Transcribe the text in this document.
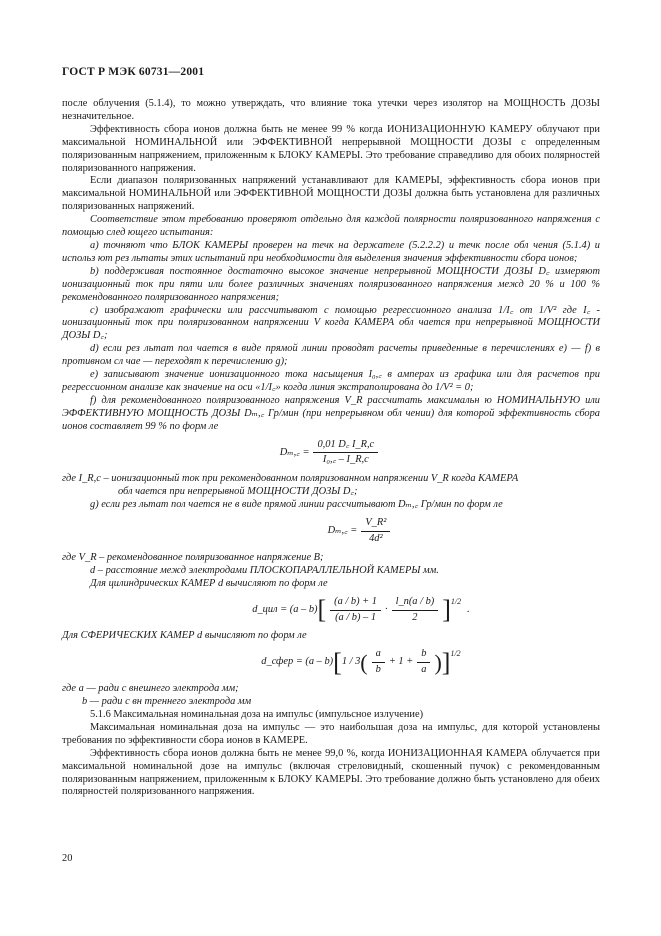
ГОСТ Р МЭК 60731—2001

после облучения (5.1.4), то можно утверждать, что влияние тока утечки через изолятор на МОЩНОСТЬ ДОЗЫ незначительное.

Эффективность сбора ионов должна быть не менее 99 % когда ИОНИЗАЦИОННУЮ КАМЕРУ облучают при максимальной НОМИНАЛЬНОЙ или ЭФФЕКТИВНОЙ непрерывной МОЩНОСТИ ДОЗЫ с определенным поляризованным напряжением, приложенным к БЛОКУ КАМЕРЫ. Это требование справедливо для обоих полярностей поляризованного напряжения.

Если диапазон поляризованных напряжений устанавливают для КАМЕРЫ, эффективность сбора ионов при максимальной НОМИНАЛЬНОЙ или ЭФФЕКТИВНОЙ МОЩНОСТИ ДОЗЫ должна быть установлена для различных поляризованных напряжений.

Соответствие этом требованию проверяют отдельно для каждой полярности поляризованного напряжения с помощью след ющего испытания:

а) точняют что БЛОК КАМЕРЫ проверен на течк на держателе (5.2.2.2) и течк после обл чения (5.1.4) и использ ют рез льтаты этих испытаний при необходимости для выделения значения эффективности сбора ионов;

b) поддерживая постоянное достаточно высокое значение непрерывной МОЩНОСТИ ДОЗЫ D꜀ измеряют ионизационный ток при пяти или более различных значениях поляризованного напряжения межд 20 % и 100 % рекомендованного поляризованного напряжения;

с) изображают графически или рассчитывают с помощью регрессионного анализа 1/I꜀ от 1/V² где I꜀ - ионизационный ток при поляризованном напряжении V когда КАМЕРА обл чается при непрерывной МОЩНОСТИ ДОЗЫ D꜀;

d) если рез льтат пол чается в виде прямой линии проводят расчеты приведенные в перечислениях е) — f) в противном сл чае — переходят к перечислению g);

е) записывают значение ионизационного тока насыщения I₀,꜀ в амперах из графика или для расчетов при регрессионном анализе как значение на оси «1/I꜀» когда линия экстраполирована до 1/V² = 0;

f) для рекомендованного поляризованного напряжения V_R рассчитать максимальн ю НОМИНАЛЬНУЮ или ЭФФЕКТИВНУЮ МОЩНОСТЬ ДОЗЫ Dₘ,꜀ Гр/мин (при непрерывном обл чении) для которой эффективность сбора ионов составляет 99 % по форм ле

Dₘ,꜀ = $\frac{0,01 D꜀ I\_R,c}{\text{I₀,꜀ – I\_R,c}}$

где I_R,c – ионизационный ток при рекомендованном поляризованном напряжении V_R когда КАМЕРА

обл чается при непрерывной МОЩНОСТИ ДОЗЫ D꜀;

g) если рез льтат пол чается не в виде прямой линии рассчитывают Dₘ,꜀ Гр/мин по форм ле

Dₘ,꜀ = $\frac{\text{V\_R²}}{\text{4d²}}$

где V_R – рекомендованное поляризованное напряжение В;

d – расстояние межд электродами ПЛОСКОПАРАЛЛЕЛЬНОЙ КАМЕРЫ мм.

Для цилиндрических КАМЕР d вычисляют по форм ле

d_цил = (a – b) [ $\frac{(a / b) + 1}{(a / b) - 1} \cdot \frac{l\_n(a / b)}{2} ]^{1/2}$
.

Для СФЕРИЧЕСКИХ КАМЕР d вычисляют по форм ле

d_сфер = (a – b) [ 1 / 3 ( $\frac{a}{b} + 1 + \frac{b}{a}$ ) ]$^{1/2}$

где a — ради с внешнего электрода мм;

b — ради с вн треннего электрода мм

5.1.6 Максимальная номинальная доза на импульс (импульсное излучение)

Максимальная номинальная доза на импульс — это наибольшая доза на импульс, для которой установлены требования по эффективности сбора ионов в КАМЕРЕ.

Эффективность сбора ионов должна быть не менее 99,0 %, когда ИОНИЗАЦИОННАЯ КАМЕРА облучается при максимальной номинальной дозе на импульс (включая стреловидный, скошенный пучок) с рекомендованным поляризованным напряжением, приложенным к БЛОКУ КАМЕРЫ. Это требование должно быть установлено для обеих полярностей поляризованного напряжения.

20
